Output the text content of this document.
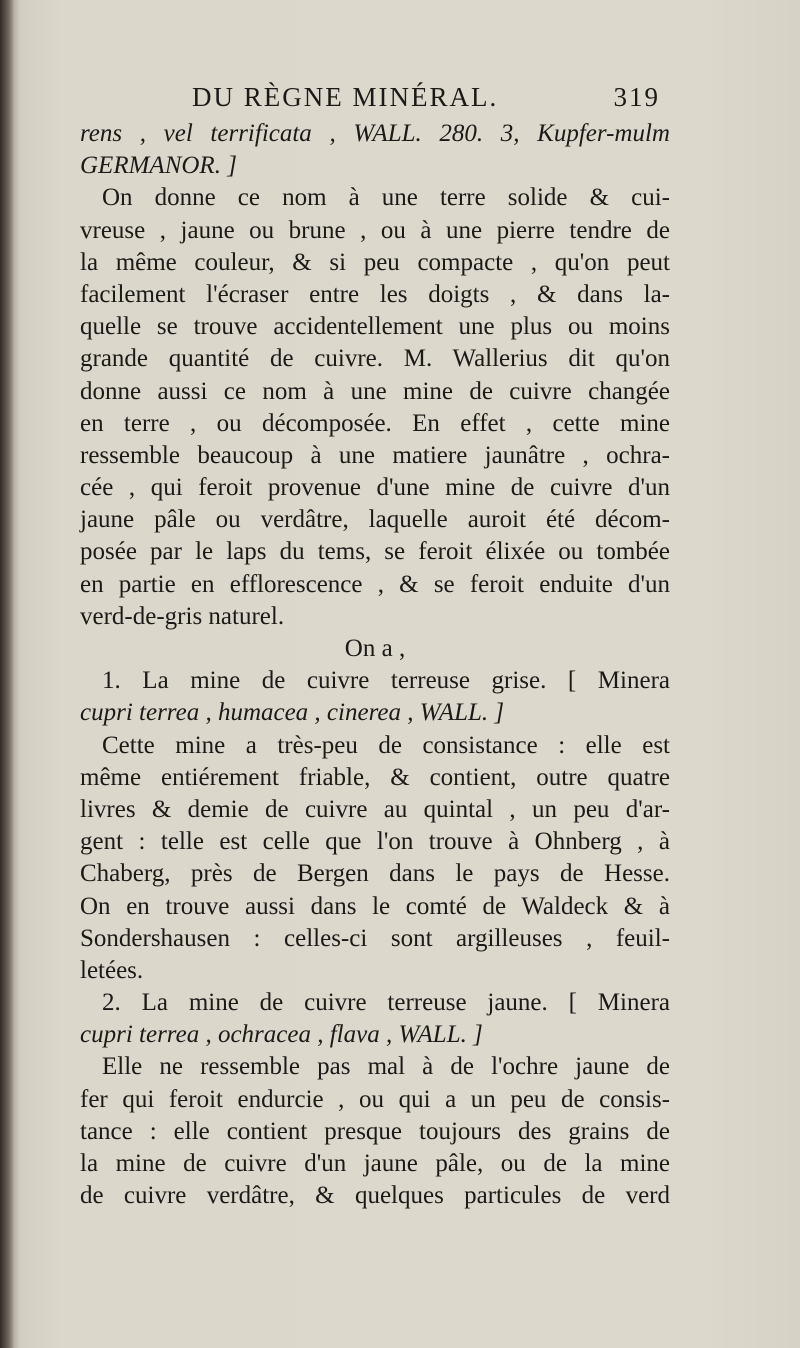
DU RÈGNE MINÉRAL.	319
rens , vel terrificata , WALL. 280. 3, Kupfer-mulm
GERMANOR. ]
On donne ce nom à une terre solide & cui-
vreuse , jaune ou brune , ou à une pierre tendre de
la même couleur, & si peu compacte , qu'on peut
facilement l'écraser entre les doigts , & dans la-
quelle se trouve accidentellement une plus ou moins
grande quantité de cuivre. M. Wallerius dit qu'on
donne aussi ce nom à une mine de cuivre changée
en terre , ou décomposée. En effet , cette mine
ressemble beaucoup à une matiere jaunâtre , ochra-
cée , qui feroit provenue d'une mine de cuivre d'un
jaune pâle ou verdâtre, laquelle auroit été décom-
posée par le laps du tems, se feroit élixée ou tombée
en partie en efflorescence , & se feroit enduite d'un
verd-de-gris naturel.
On a ,
1. La mine de cuivre terreuse grise. [ Minera
cupri terrea , humacea , cinerea , WALL. ]
Cette mine a très-peu de consistance : elle est
même entiérement friable, & contient, outre quatre
livres & demie de cuivre au quintal , un peu d'ar-
gent : telle est celle que l'on trouve à Ohnberg , à
Chaberg, près de Bergen dans le pays de Hesse.
On en trouve aussi dans le comté de Waldeck & à
Sondershausen : celles-ci sont argilleuses , feuil-
letées.
2. La mine de cuivre terreuse jaune. [ Minera
cupri terrea , ochracea , flava , WALL. ]
Elle ne ressemble pas mal à de l'ochre jaune de
fer qui feroit endurcie , ou qui a un peu de consis-
tance : elle contient presque toujours des grains de
la mine de cuivre d'un jaune pâle, ou de la mine
de cuivre verdâtre, & quelques particules de verd
